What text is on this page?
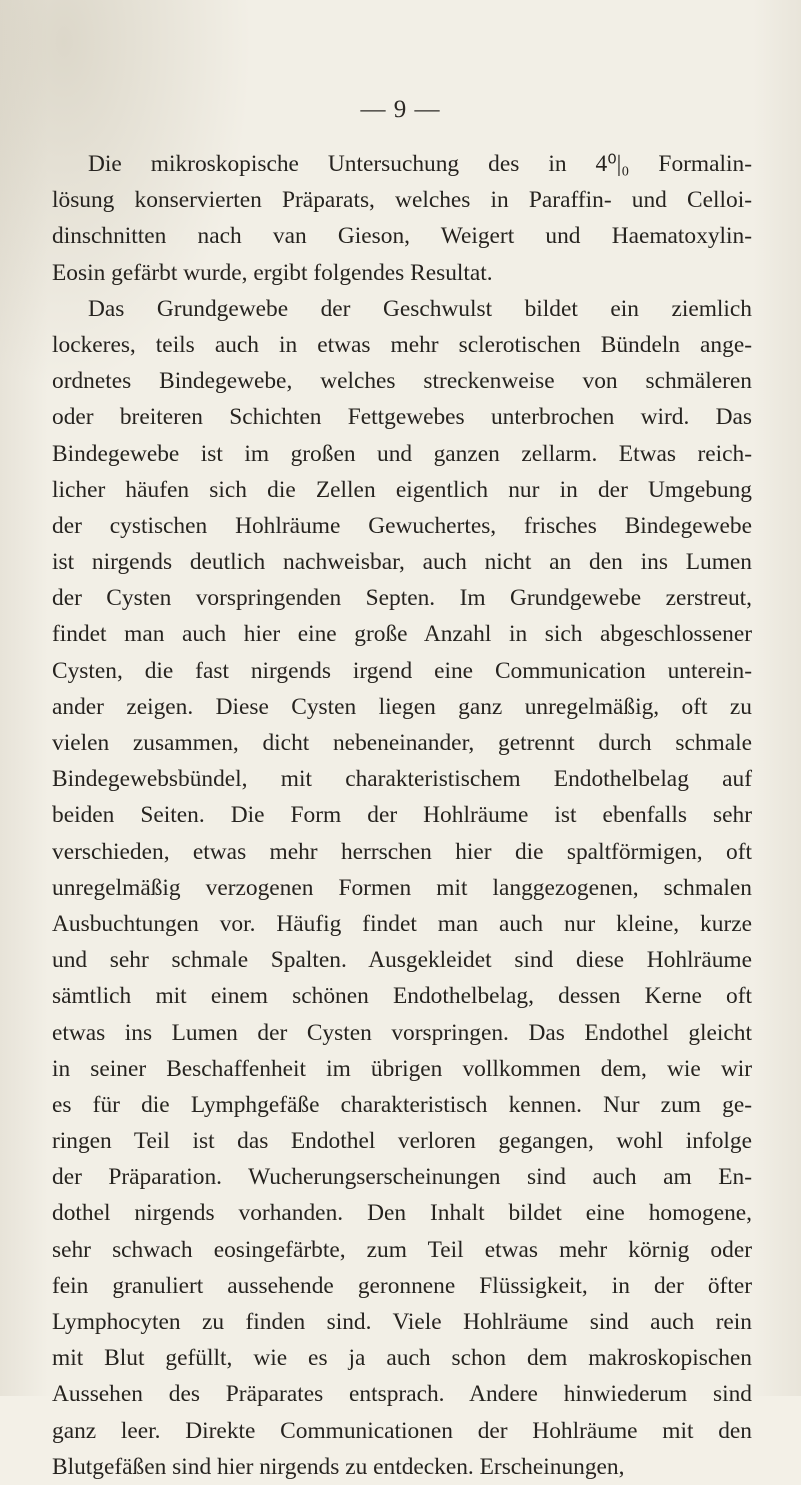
— 9 —
Die mikroskopische Untersuchung des in 4⁰|₀ Formalin-
lösung konservierten Präparats, welches in Paraffin- und Celloi-
dinschnitten nach van Gieson, Weigert und Haematoxylin-
Eosin gefärbt wurde, ergibt folgendes Resultat.
Das Grundgewebe der Geschwulst bildet ein ziemlich
lockeres, teils auch in etwas mehr sclerotischen Bündeln ange-
ordnetes Bindegewebe, welches streckenweise von schmäleren
oder breiteren Schichten Fettgewebes unterbrochen wird. Das
Bindegewebe ist im großen und ganzen zellarm. Etwas reich-
licher häufen sich die Zellen eigentlich nur in der Umgebung
der cystischen Hohlräume Gewuchertes, frisches Bindegewebe
ist nirgends deutlich nachweisbar, auch nicht an den ins Lumen
der Cysten vorspringenden Septen. Im Grundgewebe zerstreut,
findet man auch hier eine große Anzahl in sich abgeschlossener
Cysten, die fast nirgends irgend eine Communication unterein-
ander zeigen. Diese Cysten liegen ganz unregelmäßig, oft zu
vielen zusammen, dicht nebeneinander, getrennt durch schmale
Bindegewebsbündel, mit charakteristischem Endothelbelag auf
beiden Seiten. Die Form der Hohlräume ist ebenfalls sehr
verschieden, etwas mehr herrschen hier die spaltförmigen, oft
unregelmäßig verzogenen Formen mit langgezogenen, schmalen
Ausbuchtungen vor. Häufig findet man auch nur kleine, kurze
und sehr schmale Spalten. Ausgekleidet sind diese Hohlräume
sämtlich mit einem schönen Endothelbelag, dessen Kerne oft
etwas ins Lumen der Cysten vorspringen. Das Endothel gleicht
in seiner Beschaffenheit im übrigen vollkommen dem, wie wir
es für die Lymphgefäße charakteristisch kennen. Nur zum ge-
ringen Teil ist das Endothel verloren gegangen, wohl infolge
der Präparation. Wucherungserscheinungen sind auch am En-
dothel nirgends vorhanden. Den Inhalt bildet eine homogene,
sehr schwach eosingefärbte, zum Teil etwas mehr körnig oder
fein granuliert aussehende geronnene Flüssigkeit, in der öfter
Lymphocyten zu finden sind. Viele Hohlräume sind auch rein
mit Blut gefüllt, wie es ja auch schon dem makroskopischen
Aussehen des Präparates entsprach. Andere hinwiederum sind
ganz leer. Direkte Communicationen der Hohlräume mit den
Blutgefäßen sind hier nirgends zu entdecken. Erscheinungen,
